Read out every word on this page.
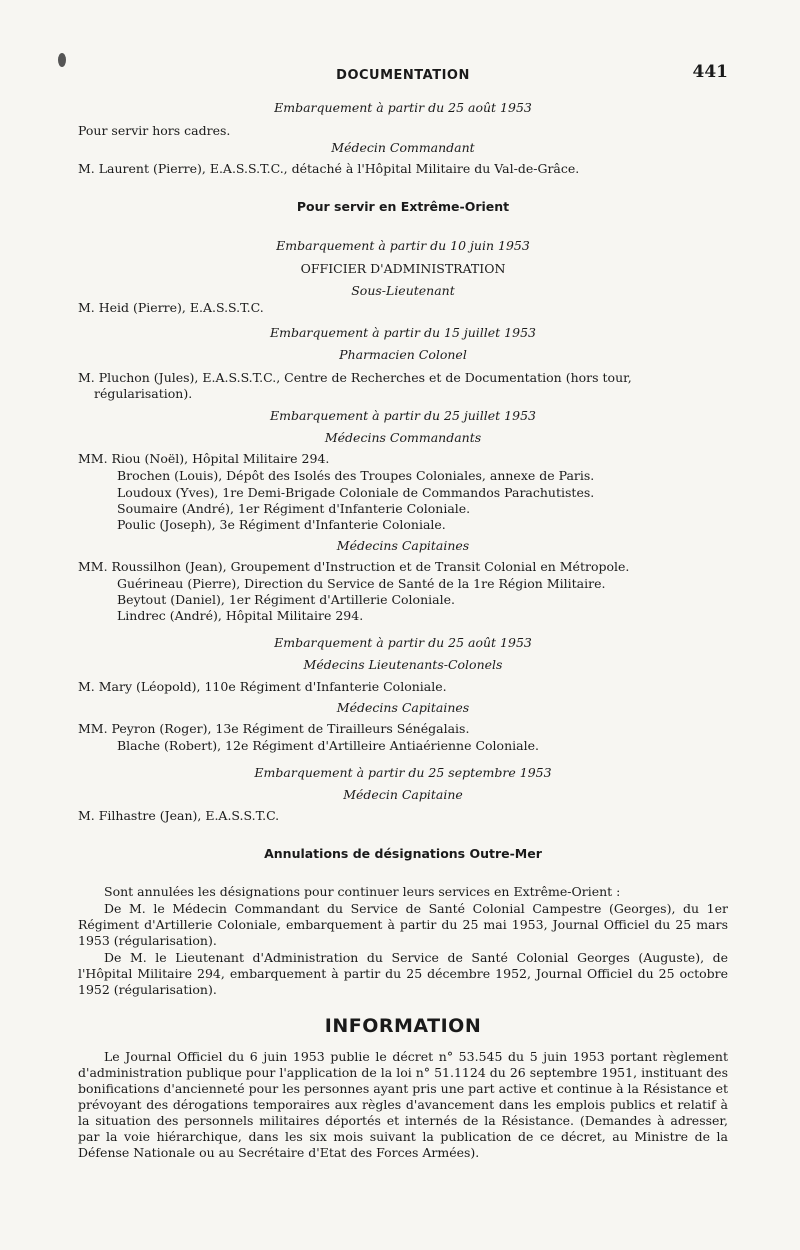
DOCUMENTATION	441
Embarquement à partir du 25 août 1953
Pour servir hors cadres.
Médecin Commandant
M. Laurent (Pierre), E.A.S.S.T.C., détaché à l'Hôpital Militaire du Val-de-Grâce.
Pour servir en Extrême-Orient
Embarquement à partir du 10 juin 1953
OFFICIER D'ADMINISTRATION
Sous-Lieutenant
M. Heid (Pierre), E.A.S.S.T.C.
Embarquement à partir du 15 juillet 1953
Pharmacien Colonel
M. Pluchon (Jules), E.A.S.S.T.C., Centre de Recherches et de Documentation (hors tour,
régularisation).
Embarquement à partir du 25 juillet 1953
Médecins Commandants
MM. Riou (Noël), Hôpital Militaire 294.
Brochen (Louis), Dépôt des Isolés des Troupes Coloniales, annexe de Paris.
Loudoux (Yves), 1re Demi-Brigade Coloniale de Commandos Parachutistes.
Soumaire (André), 1er Régiment d'Infanterie Coloniale.
Poulic (Joseph), 3e Régiment d'Infanterie Coloniale.
Médecins Capitaines
MM. Roussilhon (Jean), Groupement d'Instruction et de Transit Colonial en Métropole.
Guérineau (Pierre), Direction du Service de Santé de la 1re Région Militaire.
Beytout (Daniel), 1er Régiment d'Artillerie Coloniale.
Lindrec (André), Hôpital Militaire 294.
Embarquement à partir du 25 août 1953
Médecins Lieutenants-Colonels
M. Mary (Léopold), 110e Régiment d'Infanterie Coloniale.
Médecins Capitaines
MM. Peyron (Roger), 13e Régiment de Tirailleurs Sénégalais.
Blache (Robert), 12e Régiment d'Artilleire Antiaérienne Coloniale.
Embarquement à partir du 25 septembre 1953
Médecin Capitaine
M. Filhastre (Jean), E.A.S.S.T.C.
Annulations de désignations Outre-Mer
Sont annulées les désignations pour continuer leurs services en Extrême-Orient :
De M. le Médecin Commandant du Service de Santé Colonial Campestre (Georges), du 1er Régiment d'Artillerie Coloniale, embarquement à partir du 25 mai 1953, Journal Officiel du 25 mars 1953 (régularisation).
De M. le Lieutenant d'Administration du Service de Santé Colonial Georges (Auguste), de l'Hôpital Militaire 294, embarquement à partir du 25 décembre 1952, Journal Officiel du 25 octobre 1952 (régularisation).
INFORMATION
Le Journal Officiel du 6 juin 1953 publie le décret n° 53.545 du 5 juin 1953 portant règlement d'administration publique pour l'application de la loi n° 51.1124 du 26 septembre 1951, instituant des bonifications d'ancienneté pour les personnes ayant pris une part active et continue à la Résistance et prévoyant des dérogations temporaires aux règles d'avancement dans les emplois publics et relatif à la situation des personnels militaires déportés et internés de la Résistance. (Demandes à adresser, par la voie hiérarchique, dans les six mois suivant la publication de ce décret, au Ministre de la Défense Nationale ou au Secrétaire d'Etat des Forces Armées).
